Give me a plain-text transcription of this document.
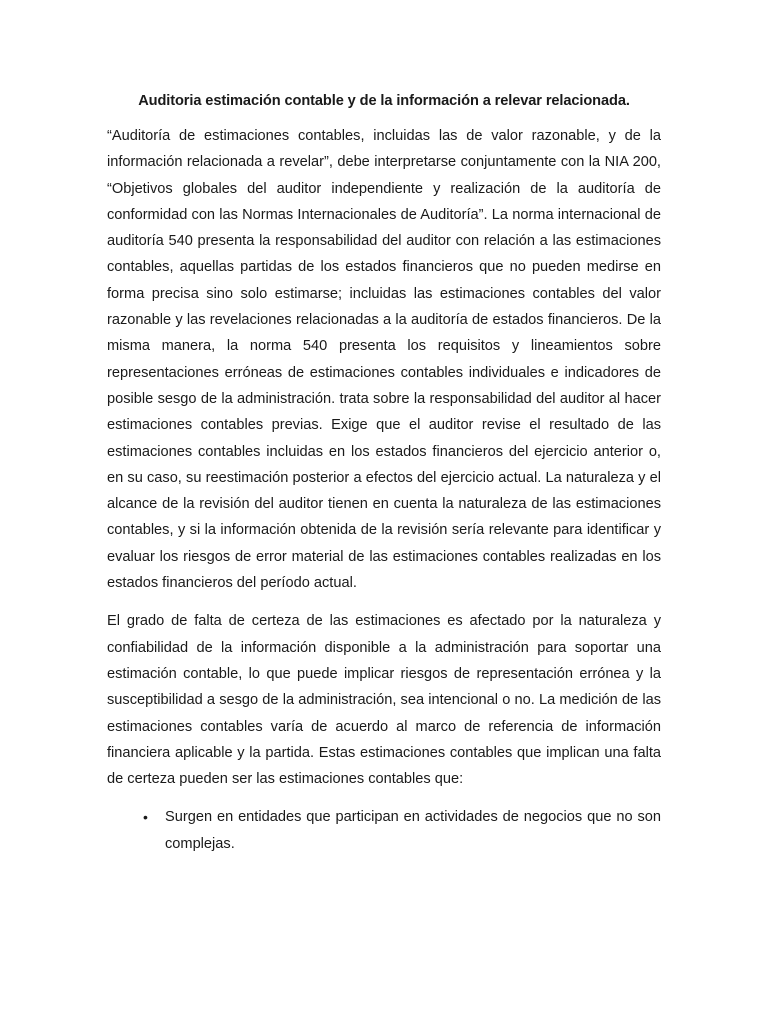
Auditoria estimación contable y de la información a relevar relacionada.

“Auditoría de estimaciones contables, incluidas las de valor razonable, y de la información relacionada a revelar”, debe interpretarse conjuntamente con la NIA 200, “Objetivos globales del auditor independiente y realización de la auditoría de conformidad con las Normas Internacionales de Auditoría”. La norma internacional de auditoría 540 presenta la responsabilidad del auditor con relación a las estimaciones contables, aquellas partidas de los estados financieros que no pueden medirse en forma precisa sino solo estimarse; incluidas las estimaciones contables del valor razonable y las revelaciones relacionadas a la auditoría de estados financieros. De la misma manera, la norma 540 presenta los requisitos y lineamientos sobre representaciones erróneas de estimaciones contables individuales e indicadores de posible sesgo de la administración. trata sobre la responsabilidad del auditor al hacer estimaciones contables previas. Exige que el auditor revise el resultado de las estimaciones contables incluidas en los estados financieros del ejercicio anterior o, en su caso, su reestimación posterior a efectos del ejercicio actual. La naturaleza y el alcance de la revisión del auditor tienen en cuenta la naturaleza de las estimaciones contables, y si la información obtenida de la revisión sería relevante para identificar y evaluar los riesgos de error material de las estimaciones contables realizadas en los estados financieros del período actual.

El grado de falta de certeza de las estimaciones es afectado por la naturaleza y confiabilidad de la información disponible a la administración para soportar una estimación contable, lo que puede implicar riesgos de representación errónea y la susceptibilidad a sesgo de la administración, sea intencional o no. La medición de las estimaciones contables varía de acuerdo al marco de referencia de información financiera aplicable y la partida. Estas estimaciones contables que implican una falta de certeza pueden ser las estimaciones contables que:

• Surgen en entidades que participan en actividades de negocios que no son complejas.
